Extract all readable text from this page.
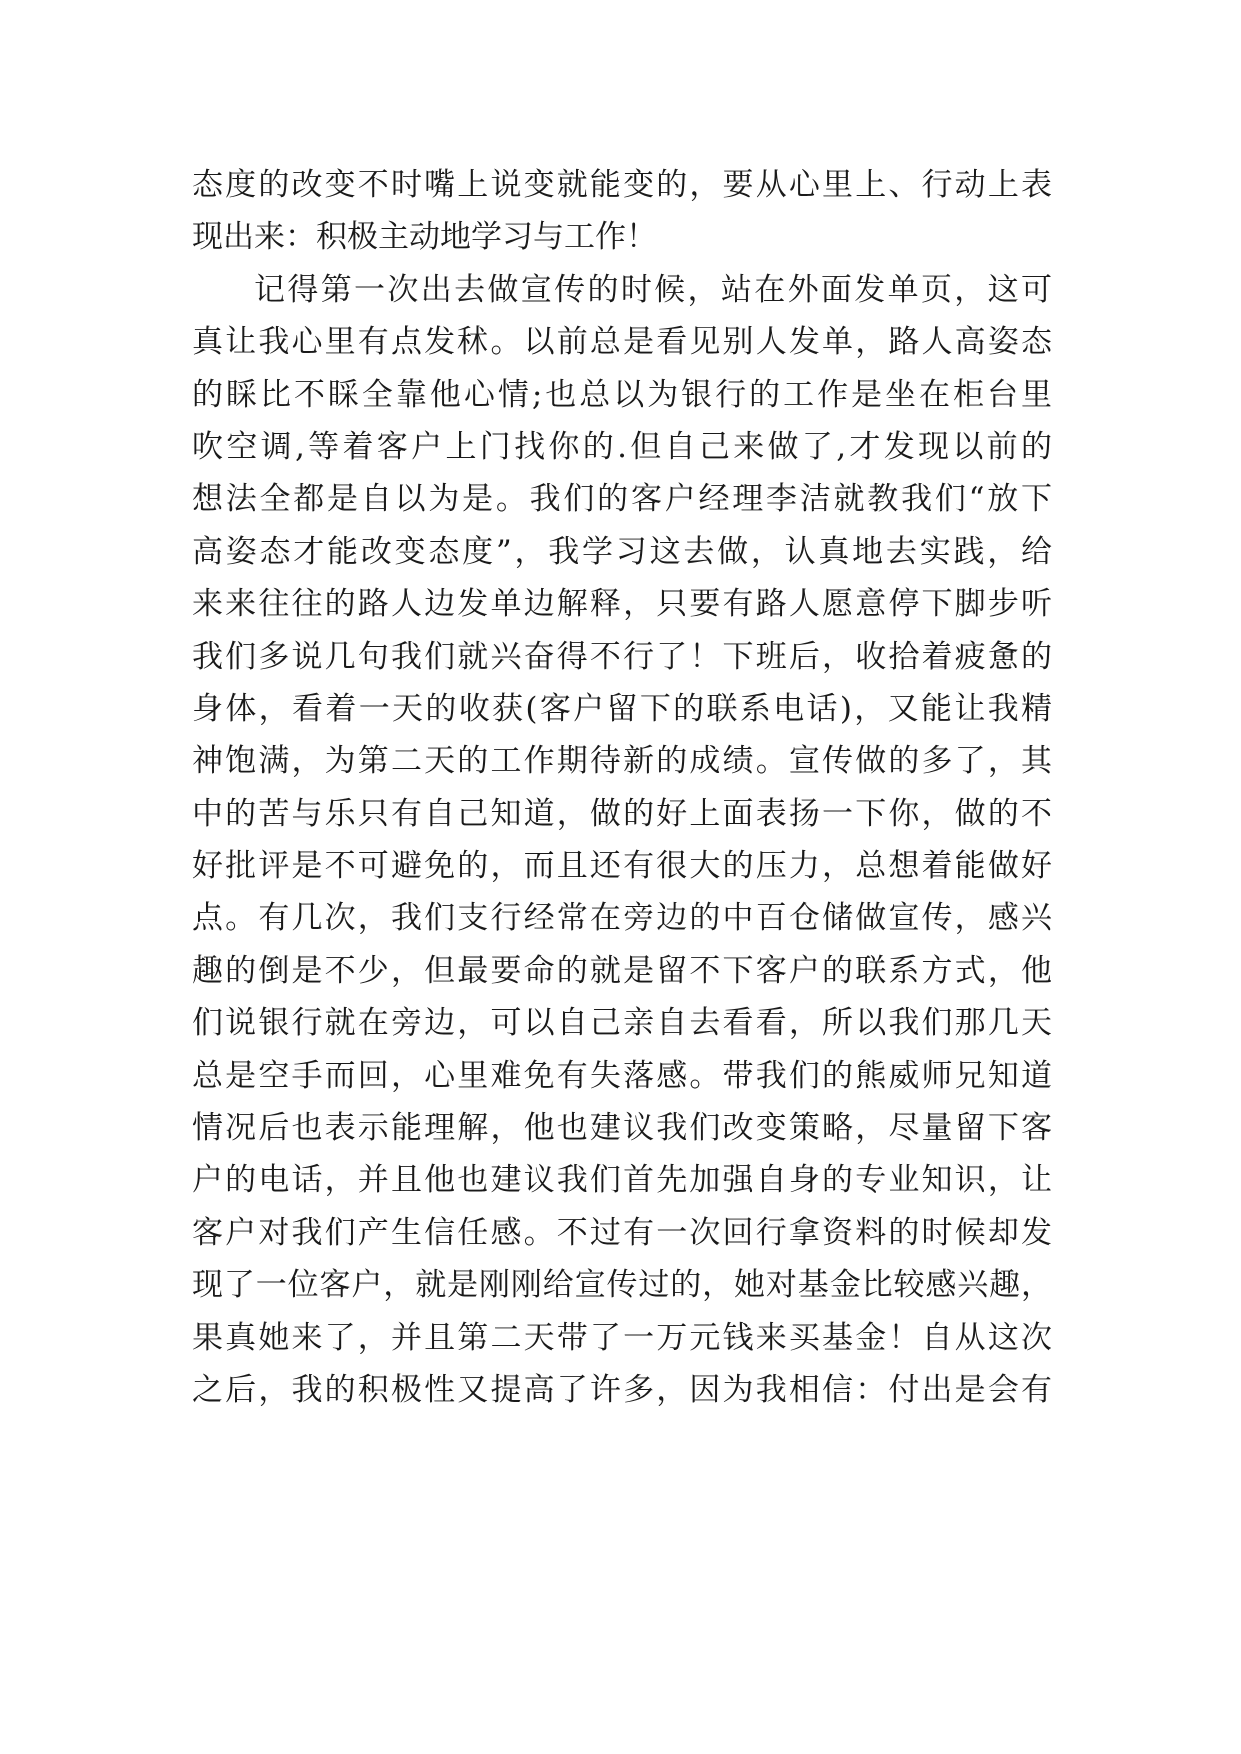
态度的改变不时嘴上说变就能变的，要从心里上、行动上表
现出来：积极主动地学习与工作！
记得第一次出去做宣传的时候，站在外面发单页，这可
真让我心里有点发秫。以前总是看见别人发单，路人高姿态
的睬比不睬全靠他心情;也总以为银行的工作是坐在柜台里
吹空调,等着客户上门找你的.但自己来做了,才发现以前的
想法全都是自以为是。我们的客户经理李洁就教我们“放下
高姿态才能改变态度”，我学习这去做，认真地去实践，给
来来往往的路人边发单边解释，只要有路人愿意停下脚步听
我们多说几句我们就兴奋得不行了！下班后，收拾着疲惫的
身体，看着一天的收获(客户留下的联系电话)，又能让我精
神饱满，为第二天的工作期待新的成绩。宣传做的多了，其
中的苦与乐只有自己知道，做的好上面表扬一下你，做的不
好批评是不可避免的，而且还有很大的压力，总想着能做好
点。有几次，我们支行经常在旁边的中百仓储做宣传，感兴
趣的倒是不少，但最要命的就是留不下客户的联系方式，他
们说银行就在旁边，可以自己亲自去看看，所以我们那几天
总是空手而回，心里难免有失落感。带我们的熊威师兄知道
情况后也表示能理解，他也建议我们改变策略，尽量留下客
户的电话，并且他也建议我们首先加强自身的专业知识，让
客户对我们产生信任感。不过有一次回行拿资料的时候却发
现了一位客户，就是刚刚给宣传过的，她对基金比较感兴趣，
果真她来了，并且第二天带了一万元钱来买基金！自从这次
之后，我的积极性又提高了许多，因为我相信：付出是会有
